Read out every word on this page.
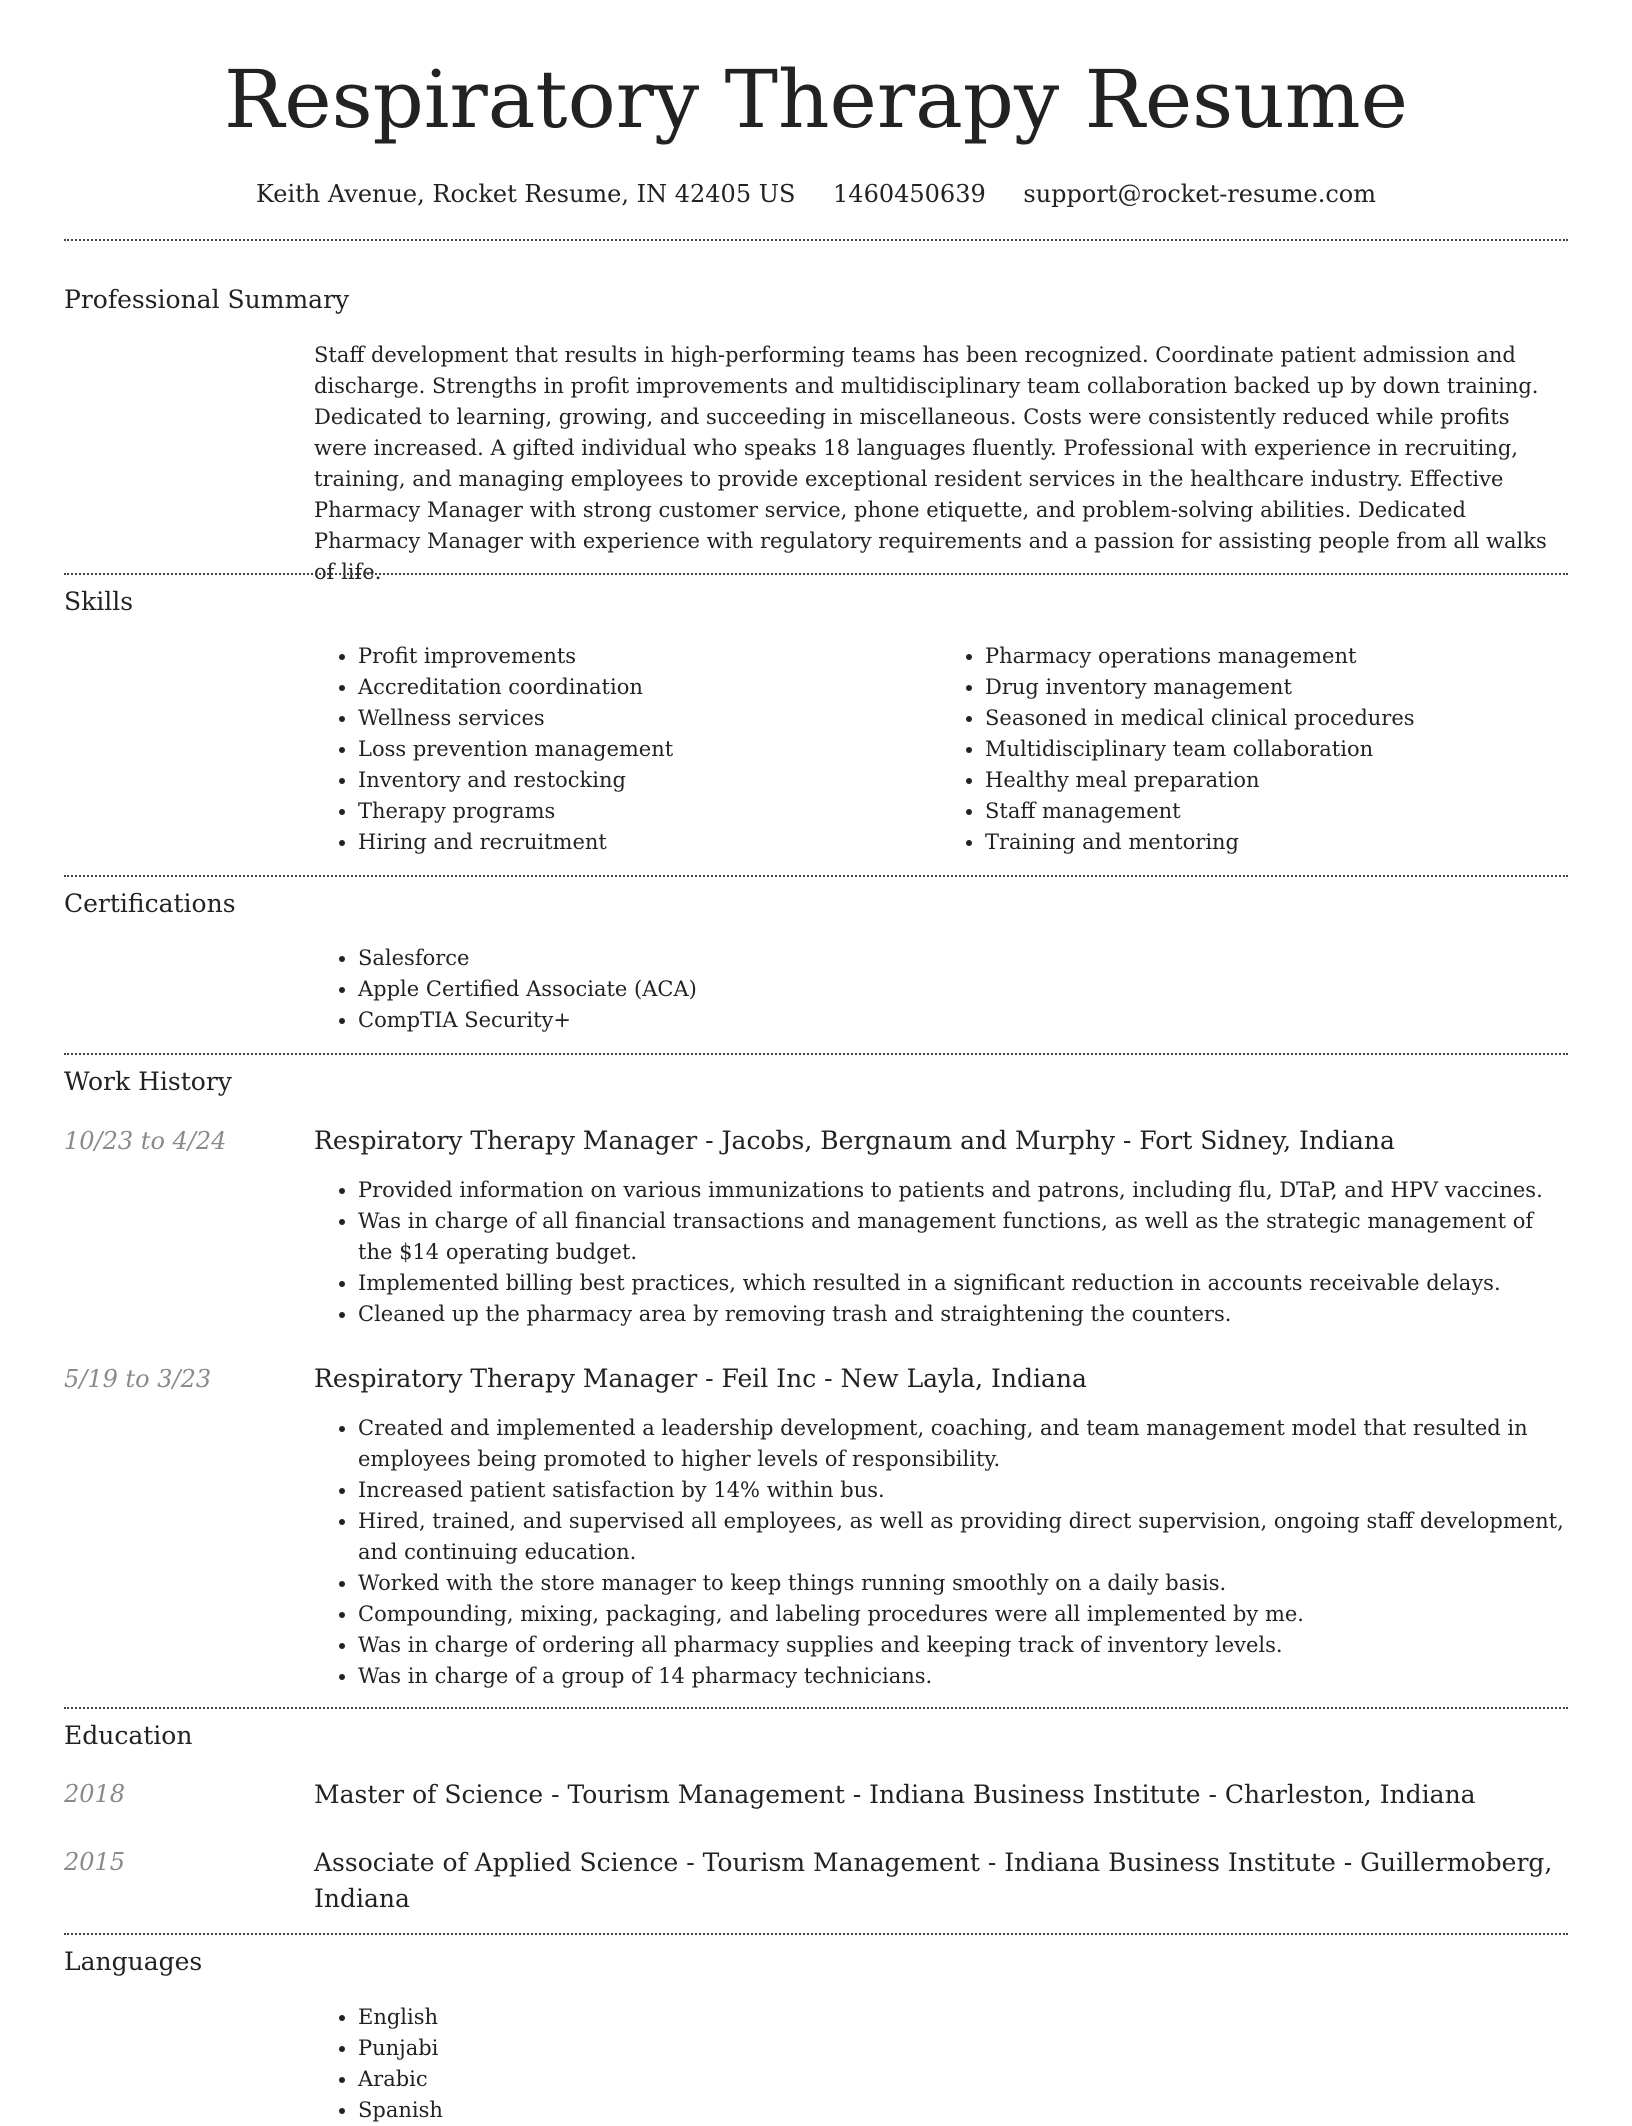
Respiratory Therapy Resume
Keith Avenue, Rocket Resume, IN 42405 US 1460450639 support@rocket-resume.com
Professional Summary

Staff development that results in high-performing teams has been recognized. Coordinate patient admission and discharge. Strengths in profit improvements and multidisciplinary team collaboration backed up by down training. Dedicated to learning, growing, and succeeding in miscellaneous. Costs were consistently reduced while profits were increased. A gifted individual who speaks 18 languages fluently. Professional with experience in recruiting, training, and managing employees to provide exceptional resident services in the healthcare industry. Effective Pharmacy Manager with strong customer service, phone etiquette, and problem-solving abilities. Dedicated Pharmacy Manager with experience with regulatory requirements and a passion for assisting people from all walks of life.

Skills
• Profit improvements
• Accreditation coordination
• Wellness services
• Loss prevention management
• Inventory and restocking
• Therapy programs
• Hiring and recruitment
• Pharmacy operations management
• Drug inventory management
• Seasoned in medical clinical procedures
• Multidisciplinary team collaboration
• Healthy meal preparation
• Staff management
• Training and mentoring
Certifications
• Salesforce
• Apple Certified Associate (ACA)
• CompTIA Security+
Work History
10/23 to 4/24	Respiratory Therapy Manager - Jacobs, Bergnaum and Murphy - Fort Sidney, Indiana
• Provided information on various immunizations to patients and patrons, including flu, DTaP, and HPV vaccines.
• Was in charge of all financial transactions and management functions, as well as the strategic management of the $14 operating budget.
• Implemented billing best practices, which resulted in a significant reduction in accounts receivable delays.
• Cleaned up the pharmacy area by removing trash and straightening the counters.
5/19 to 3/23	Respiratory Therapy Manager - Feil Inc - New Layla, Indiana
• Created and implemented a leadership development, coaching, and team management model that resulted in employees being promoted to higher levels of responsibility.
• Increased patient satisfaction by 14% within bus.
• Hired, trained, and supervised all employees, as well as providing direct supervision, ongoing staff development, and continuing education.
• Worked with the store manager to keep things running smoothly on a daily basis.
• Compounding, mixing, packaging, and labeling procedures were all implemented by me.
• Was in charge of ordering all pharmacy supplies and keeping track of inventory levels.
• Was in charge of a group of 14 pharmacy technicians.
Education
2018	Master of Science - Tourism Management - Indiana Business Institute - Charleston, Indiana
2015	Associate of Applied Science - Tourism Management - Indiana Business Institute - Guillermoberg, Indiana
Languages
• English
• Punjabi
• Arabic
• Spanish
